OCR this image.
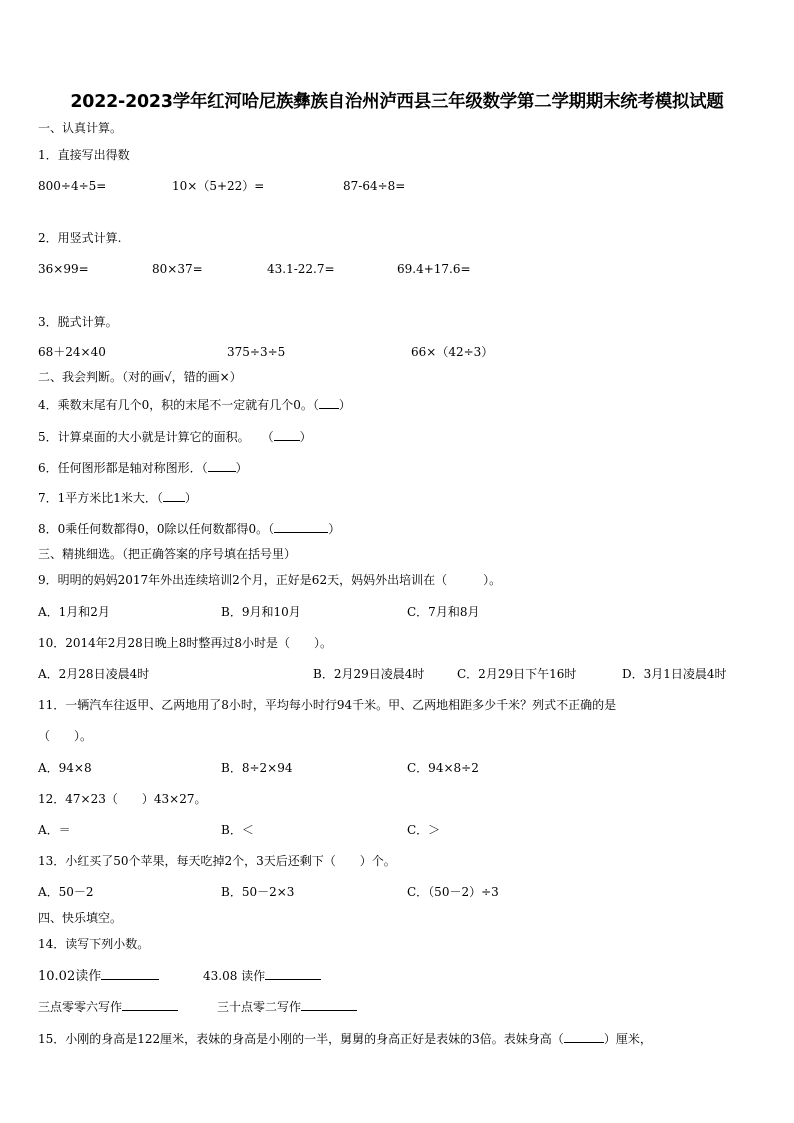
2022-2023学年红河哈尼族彝族自治州泸西县三年级数学第二学期期末统考模拟试题
一、认真计算。
1．直接写出得数
800÷4÷5=	10×（5+22）=	87-64÷8=
2．用竖式计算.
36×99=	80×37=	43.1-22.7=	69.4+17.6=
3．脱式计算。
68＋24×40	375÷3÷5	66×（42÷3）
二、我会判断。（对的画√，错的画×）
4．乘数末尾有几个0，积的末尾不一定就有几个0。（ ）
5．计算桌面的大小就是计算它的面积。　　（ ）
6．任何图形都是轴对称图形．（ ）
7．1平方米比1米大．（ ）
8．0乘任何数都得0，0除以任何数都得0。（	）
三、精挑细选。（把正确答案的序号填在括号里）
9．明明的妈妈2017年外出连续培训2个月，正好是62天，妈妈外出培训在（　　　）。
A．1月和2月	B．9月和10月	C．7月和8月
10．2014年2月28日晚上8时整再过8小时是（　　）。
A．2月28日凌晨4时	B．2月29日凌晨4时	C．2月29日下午16时	D．3月1日凌晨4时
11．一辆汽车往返甲、乙两地用了8小时，平均每小时行94千米。甲、乙两地相距多少千米？列式不正确的是
（　　）。
A．94×8	B．8÷2×94	C．94×8÷2
12．47×23（　　）43×27。
A．＝	B．＜	C．＞
13．小红买了50个苹果，每天吃掉2个，3天后还剩下（　　）个。
A．50－2	B．50－2×3	C．（50－2）÷3
四、快乐填空。
14．读写下列小数。
10.02读作	43.08 读作
三点零零六写作	三十点零二写作
15．小刚的身高是122厘米，表妹的身高是小刚的一半，舅舅的身高正好是表妹的3倍。表妹身高（	）厘米，
